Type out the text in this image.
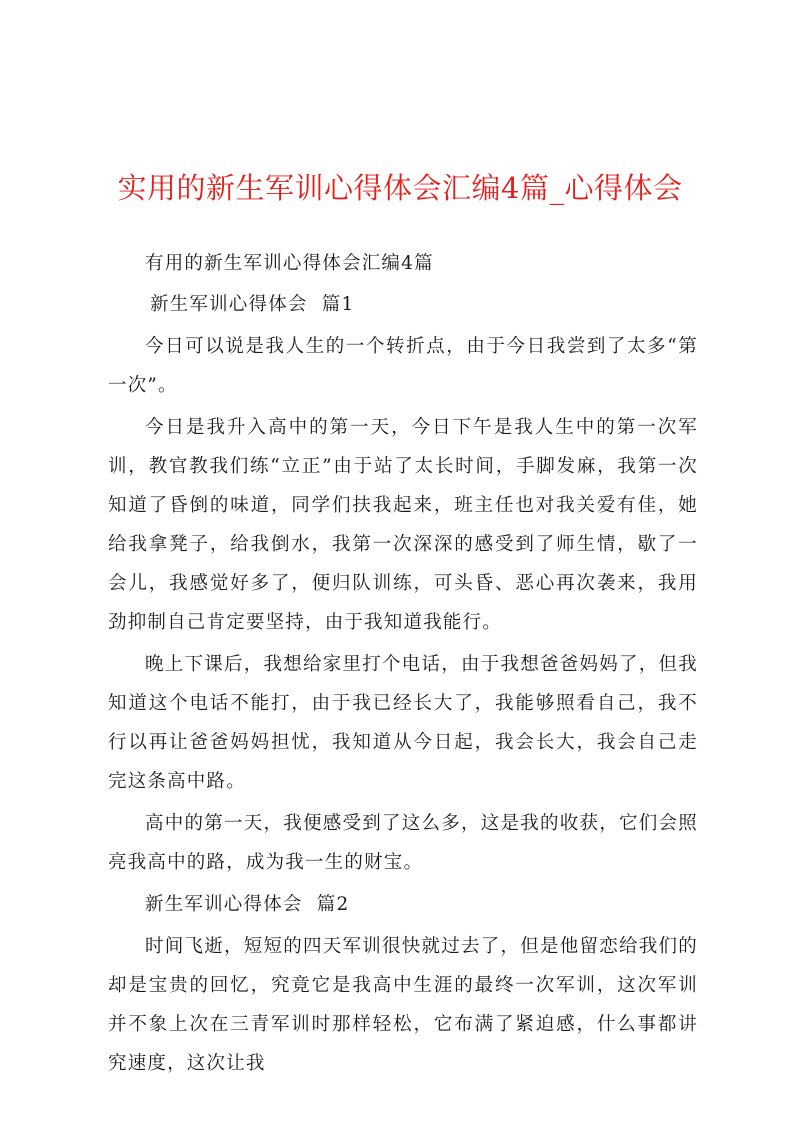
实用的新生军训心得体会汇编4篇_心得体会

有用的新生军训心得体会汇编4篇

新生军训心得体会  篇1

今日可以说是我人生的一个转折点，由于今日我尝到了太多“第一次”。

今日是我升入高中的第一天，今日下午是我人生中的第一次军训，教官教我们练“立正”由于站了太长时间，手脚发麻，我第一次知道了昏倒的味道，同学们扶我起来，班主任也对我关爱有佳，她给我拿凳子，给我倒水，我第一次深深的感受到了师生情，歇了一会儿，我感觉好多了，便归队训练，可头昏、恶心再次袭来，我用劲抑制自己肯定要坚持，由于我知道我能行。

晚上下课后，我想给家里打个电话，由于我想爸爸妈妈了，但我知道这个电话不能打，由于我已经长大了，我能够照看自己，我不行以再让爸爸妈妈担忧，我知道从今日起，我会长大，我会自己走完这条高中路。

高中的第一天，我便感受到了这么多，这是我的收获，它们会照亮我高中的路，成为我一生的财宝。

新生军训心得体会  篇2

时间飞逝，短短的四天军训很快就过去了，但是他留恋给我们的却是宝贵的回忆，究竟它是我高中生涯的最终一次军训，这次军训并不象上次在三青军训时那样轻松，它布满了紧迫感，什么事都讲究速度，这次让我
